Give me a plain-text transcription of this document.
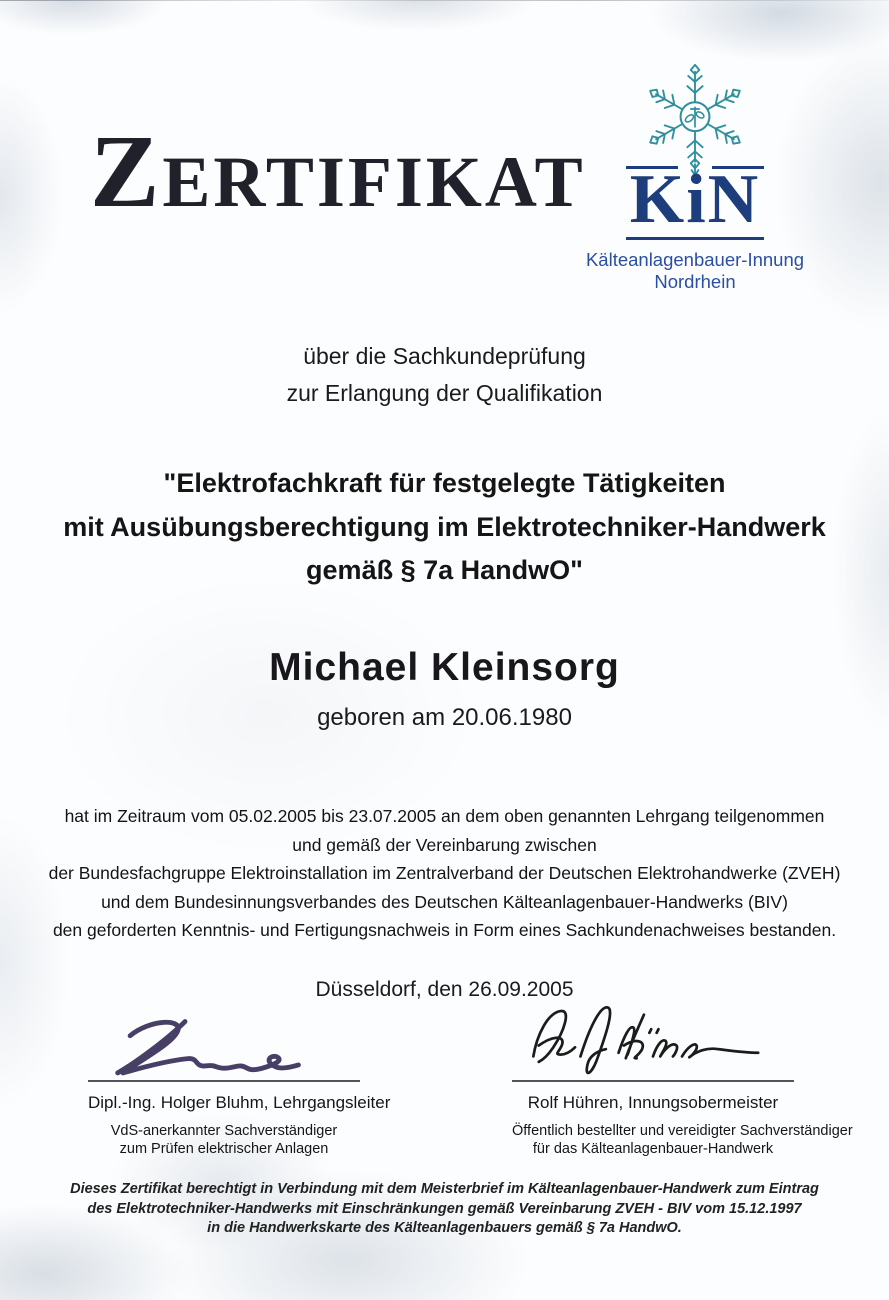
ZERTIFIKAT KiN
Kälteanlagenbauer-Innung
Nordrhein
über die Sachkundeprüfung
zur Erlangung der Qualifikation
"Elektrofachkraft für festgelegte Tätigkeiten
mit Ausübungsberechtigung im Elektrotechniker-Handwerk
gemäß § 7a HandwO"
Michael Kleinsorg
geboren am 20.06.1980
hat im Zeitraum vom 05.02.2005 bis 23.07.2005 an dem oben genannten Lehrgang teilgenommen
und gemäß der Vereinbarung zwischen
der Bundesfachgruppe Elektroinstallation im Zentralverband der Deutschen Elektrohandwerke (ZVEH)
und dem Bundesinnungsverbandes des Deutschen Kälteanlagenbauer-Handwerks (BIV)
den geforderten Kenntnis- und Fertigungsnachweis in Form eines Sachkundenachweises bestanden.
Düsseldorf, den 26.09.2005
Dipl.-Ing. Holger Bluhm, Lehrgangsleiter
VdS-anerkannter Sachverständiger
zum Prüfen elektrischer Anlagen
Rolf Hühren, Innungsobermeister
Öffentlich bestellter und vereidigter Sachverständiger
für das Kälteanlagenbauer-Handwerk
Dieses Zertifikat berechtigt in Verbindung mit dem Meisterbrief im Kälteanlagenbauer-Handwerk zum Eintrag
des Elektrotechniker-Handwerks mit Einschränkungen gemäß Vereinbarung ZVEH - BIV vom 15.12.1997
in die Handwerkskarte des Kälteanlagenbauers gemäß § 7a HandwO.
